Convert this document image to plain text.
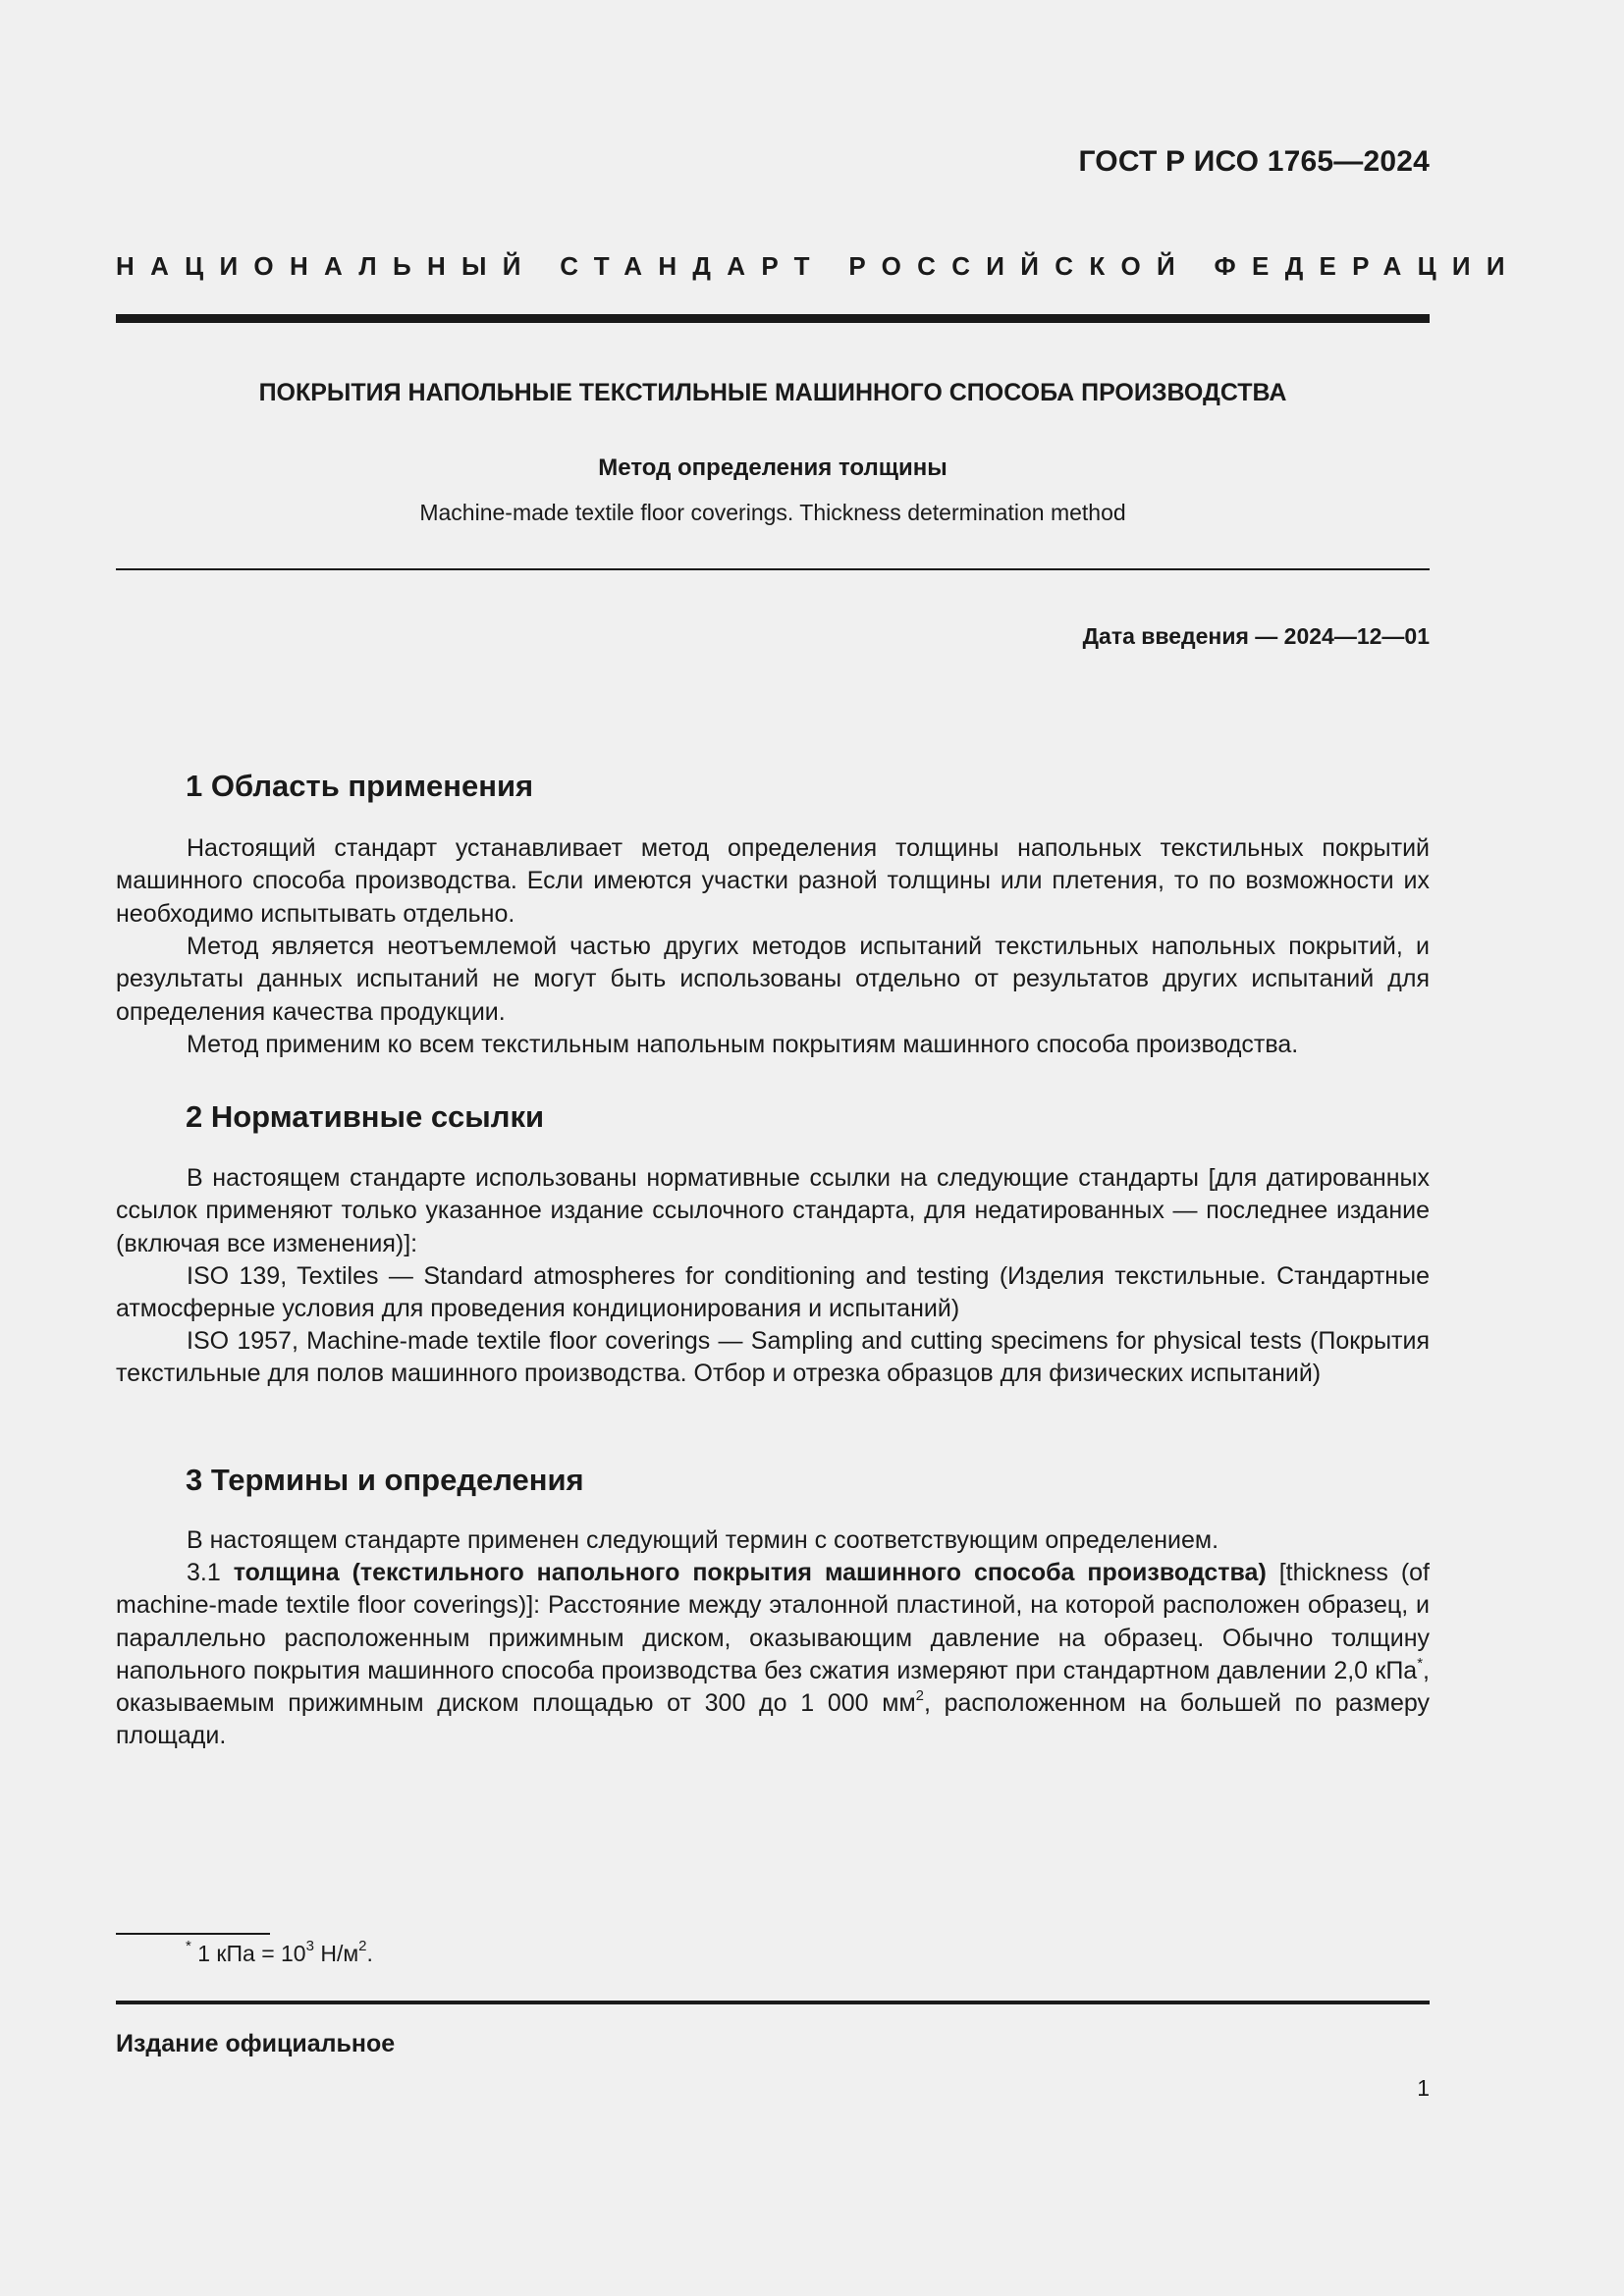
ГОСТ Р ИСО 1765—2024
НАЦИОНАЛЬНЫЙ СТАНДАРТ РОССИЙСКОЙ ФЕДЕРАЦИИ
ПОКРЫТИЯ НАПОЛЬНЫЕ ТЕКСТИЛЬНЫЕ МАШИННОГО СПОСОБА ПРОИЗВОДСТВА
Метод определения толщины
Machine-made textile floor coverings. Thickness determination method
Дата введения — 2024—12—01
1 Область применения

Настоящий стандарт устанавливает метод определения толщины напольных текстильных покрытий машинного способа производства. Если имеются участки разной толщины или плетения, то по возможности их необходимо испытывать отдельно.

Метод является неотъемлемой частью других методов испытаний текстильных напольных покрытий, и результаты данных испытаний не могут быть использованы отдельно от результатов других испытаний для определения качества продукции.

Метод применим ко всем текстильным напольным покрытиям машинного способа производства.

2 Нормативные ссылки

В настоящем стандарте использованы нормативные ссылки на следующие стандарты [для датированных ссылок применяют только указанное издание ссылочного стандарта, для недатированных — последнее издание (включая все изменения)]:

ISO 139, Textiles — Standard atmospheres for conditioning and testing (Изделия текстильные. Стандартные атмосферные условия для проведения кондиционирования и испытаний)

ISO 1957, Machine-made textile floor coverings — Sampling and cutting specimens for physical tests (Покрытия текстильные для полов машинного производства. Отбор и отрезка образцов для физических испытаний)

3 Термины и определения

В настоящем стандарте применен следующий термин с соответствующим определением.

3.1 толщина (текстильного напольного покрытия машинного способа производства) [thickness (of machine-made textile floor coverings)]: Расстояние между эталонной пластиной, на которой расположен образец, и параллельно расположенным прижимным диском, оказывающим давление на образец. Обычно толщину напольного покрытия машинного способа производства без сжатия измеряют при стандартном давлении 2,0 кПа*, оказываемым прижимным диском площадью от 300 до 1 000 $мм^2$, расположенном на большей по размеру площади.

* 1 кПа = $10^3$ $Н/м^2$.
Издание официальное
1
